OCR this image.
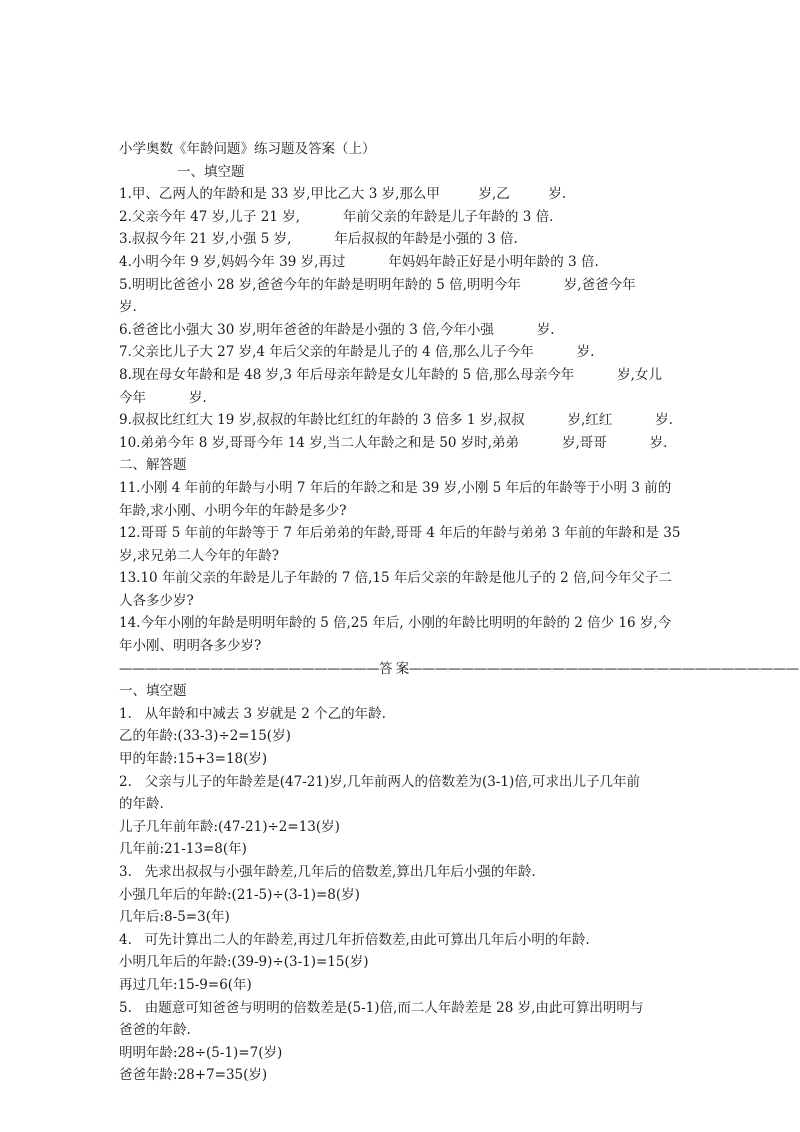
小学奥数《年龄问题》练习题及答案（上）
一、填空题
1.甲、乙两人的年龄和是 33 岁,甲比乙大 3 岁,那么甲         岁,乙         岁.
2.父亲今年 47 岁,儿子 21 岁,          年前父亲的年龄是儿子年龄的 3 倍.
3.叔叔今年 21 岁,小强 5 岁,          年后叔叔的年龄是小强的 3 倍.
4.小明今年 9 岁,妈妈今年 39 岁,再过          年妈妈年龄正好是小明年龄的 3 倍.
5.明明比爸爸小 28 岁,爸爸今年的年龄是明明年龄的 5 倍,明明今年          岁,爸爸今年
岁.
6.爸爸比小强大 30 岁,明年爸爸的年龄是小强的 3 倍,今年小强          岁.
7.父亲比儿子大 27 岁,4 年后父亲的年龄是儿子的 4 倍,那么儿子今年          岁.
8.现在母女年龄和是 48 岁,3 年后母亲年龄是女儿年龄的 5 倍,那么母亲今年          岁,女儿
今年          岁.
9.叔叔比红红大 19 岁,叔叔的年龄比红红的年龄的 3 倍多 1 岁,叔叔          岁,红红          岁.
10.弟弟今年 8 岁,哥哥今年 14 岁,当二人年龄之和是 50 岁时,弟弟          岁,哥哥          岁.
二、解答题
11.小刚 4 年前的年龄与小明 7 年后的年龄之和是 39 岁,小刚 5 年后的年龄等于小明 3 前的
年龄,求小刚、小明今年的年龄是多少?
12.哥哥 5 年前的年龄等于 7 年后弟弟的年龄,哥哥 4 年后的年龄与弟弟 3 年前的年龄和是 35
岁,求兄弟二人今年的年龄?
13.10 年前父亲的年龄是儿子年龄的 7 倍,15 年后父亲的年龄是他儿子的 2 倍,问今年父子二
人各多少岁?
14.今年小刚的年龄是明明年龄的 5 倍,25 年后, 小刚的年龄比明明的年龄的 2 倍少 16 岁,今
年小刚、明明各多少岁?
————————————————————答 案——————————————————————————————
一、填空题
1.   从年龄和中减去 3 岁就是 2 个乙的年龄.
乙的年龄:(33-3)÷2=15(岁)
甲的年龄:15+3=18(岁)
2.   父亲与儿子的年龄差是(47-21)岁,几年前两人的倍数差为(3-1)倍,可求出儿子几年前
的年龄.
儿子几年前年龄:(47-21)÷2=13(岁)
几年前:21-13=8(年)
3.   先求出叔叔与小强年龄差,几年后的倍数差,算出几年后小强的年龄.
小强几年后的年龄:(21-5)÷(3-1)=8(岁)
几年后:8-5=3(年)
4.   可先计算出二人的年龄差,再过几年折倍数差,由此可算出几年后小明的年龄.
小明几年后的年龄:(39-9)÷(3-1)=15(岁)
再过几年:15-9=6(年)
5.   由题意可知爸爸与明明的倍数差是(5-1)倍,而二人年龄差是 28 岁,由此可算出明明与
爸爸的年龄.
明明年龄:28÷(5-1)=7(岁)
爸爸年龄:28+7=35(岁)
